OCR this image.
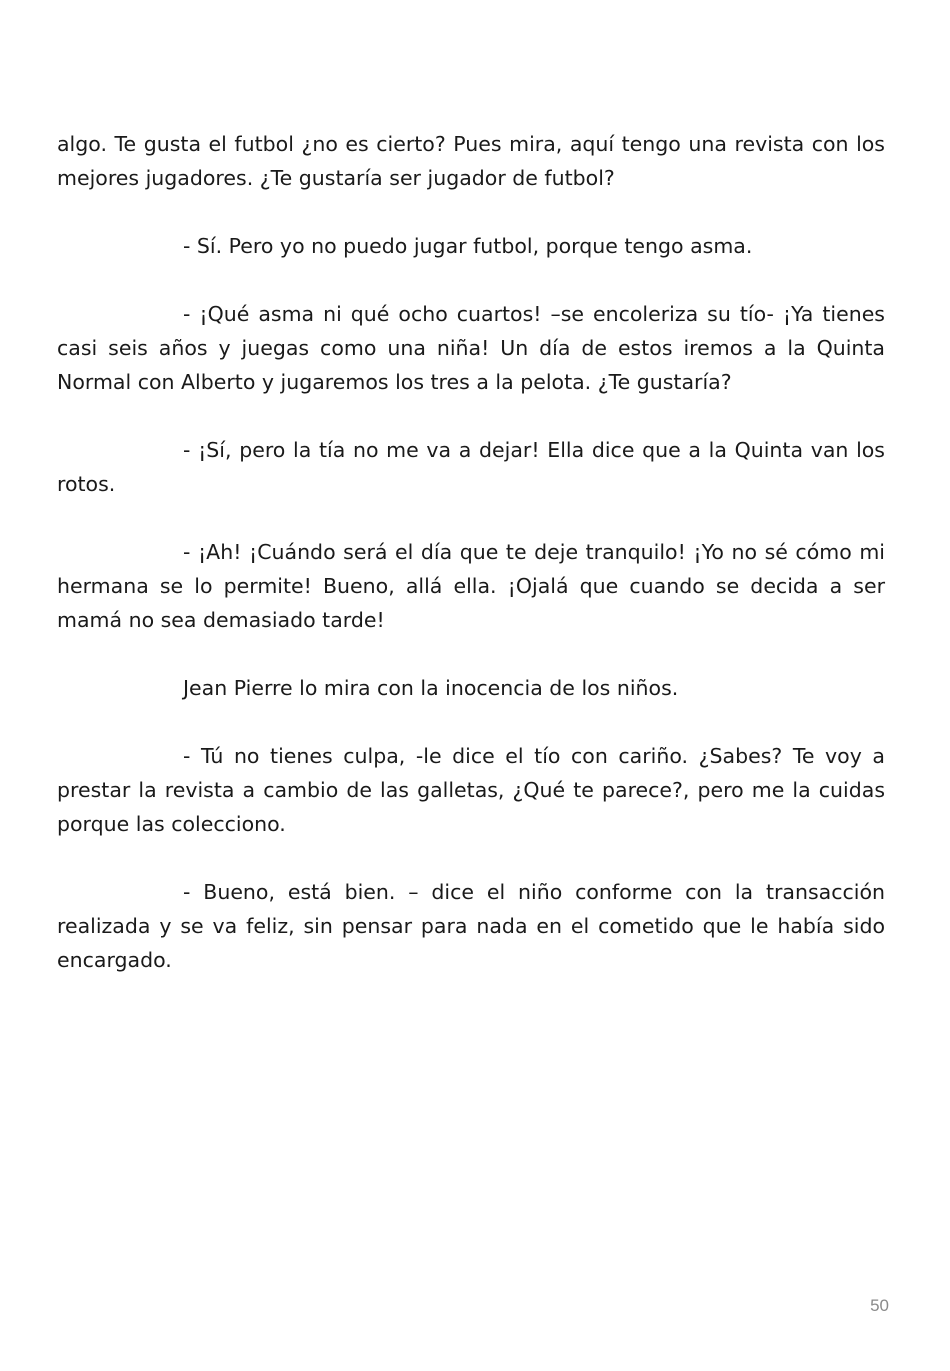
algo. Te gusta el futbol ¿no es cierto? Pues mira, aquí tengo una revista con los mejores jugadores. ¿Te gustaría ser jugador de futbol?

- Sí. Pero yo no puedo jugar futbol, porque tengo asma.

- ¡Qué asma ni qué ocho cuartos! –se encoleriza su tío- ¡Ya tienes casi seis años y juegas como una niña! Un día de estos iremos a la Quinta Normal con Alberto y jugaremos los tres a la pelota. ¿Te gustaría?

- ¡Sí, pero la tía no me va a dejar! Ella dice que a la Quinta van los rotos.

- ¡Ah! ¡Cuándo será el día que te deje tranquilo! ¡Yo no sé cómo mi hermana se lo permite! Bueno, allá ella. ¡Ojalá que cuando se decida a ser mamá no sea demasiado tarde!

Jean Pierre lo mira con la inocencia de los niños.

- Tú no tienes culpa, -le dice el tío con cariño. ¿Sabes? Te voy a prestar la revista a cambio de las galletas, ¿Qué te parece?, pero me la cuidas porque las colecciono.

- Bueno, está bien. – dice el niño conforme con la transacción realizada y se va feliz, sin pensar para nada en el cometido que le había sido encargado.

50
